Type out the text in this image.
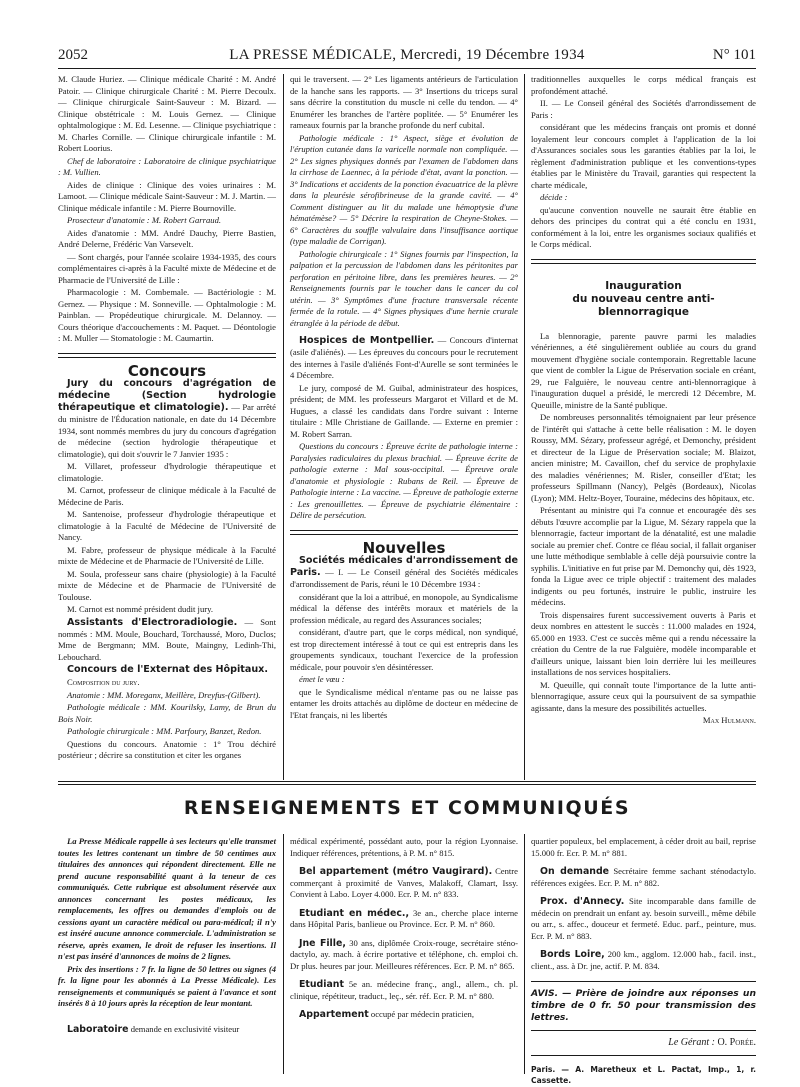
2052	LA PRESSE MÉDICALE, Mercredi, 19 Décembre 1934	N° 101

M. Claude Huriez. — Clinique médicale Charité : M. André Patoir. — Clinique chirurgicale Charité : M. Pierre Decoulx. — Clinique chirurgicale Saint-Sauveur : M. Bizard. — Clinique obstétricale : M. Louis Gernez. — Clinique ophtalmologique : M. Ed. Lesenne. — Clinique psychiatrique : M. Charles Cornille. — Clinique chirurgicale infantile : M. Robert Loorius.

Chef de laboratoire : Laboratoire de clinique psychiatrique : M. Vullien.

Aides de clinique : Clinique des voies urinaires : M. Lamoot. — Clinique médicale Saint-Sauveur : M. J. Martin. — Clinique médicale infantile : M. Pierre Bournoville.

Prosecteur d'anatomie : M. Robert Garraud.

Aides d'anatomie : MM. André Dauchy, Pierre Bastien, André Delerne, Frédéric Van Varsevelt.

— Sont chargés, pour l'année scolaire 1934-1935, des cours complémentaires ci-après à la Faculté mixte de Médecine et de Pharmacie de l'Université de Lille :

Pharmacologie : M. Combemale. — Bactériologie : M. Gernez. — Physique : M. Sonneville. — Ophtalmologie : M. Painblan. — Propédeutique chirurgicale. M. Delannoy. — Cours théorique d'accouchements : M. Paquet. — Déontologie : M. Muller — Stomatologie : M. Caumartin.

Concours

Jury du concours d'agrégation de médecine (Section hydrologie thérapeutique et climatologie). — Par arrêté du ministre de l'Éducation nationale, en date du 14 Décembre 1934, sont nommés membres du jury du concours d'agrégation de médecine (section hydrologie thérapeutique et climatologie), qui doit s'ouvrir le 7 Janvier 1935 :

M. Villaret, professeur d'hydrologie thérapeutique et climatologie.

M. Carnot, professeur de clinique médicale à la Faculté de Médecine de Paris.

M. Santenoise, professeur d'hydrologie thérapeutique et climatologie à la Faculté de Médecine de l'Université de Nancy.

M. Fabre, professeur de physique médicale à la Faculté mixte de Médecine et de Pharmacie de l'Université de Lille.

M. Soula, professeur sans chaire (physiologie) à la Faculté mixte de Médecine et de Pharmacie de l'Université de Toulouse.

M. Carnot est nommé président dudit jury.

Assistants d'Electroradiologie. — Sont nommés : MM. Moule, Bouchard, Torchaussé, Moro, Duclos; Mme de Bergmann; MM. Boute, Maingny, Ledinh-Thi, Lebouchard.

Concours de l'Externat des Hôpitaux.

Composition du jury.

Anatomie : MM. Moreganx, Meillère, Dreyfus-(Gilbert).

Pathologie médicale : MM. Kourilsky, Lamy, de Brun du Bois Noir.

Pathologie chirurgicale : MM. Parfoury, Banzet, Redon.

Questions du concours. Anatomie : 1° Trou déchiré postérieur ; décrire sa constitution et citer les organes

qui le traversent. — 2° Les ligaments antérieurs de l'articulation de la hanche sans les rapports. — 3° Insertions du triceps sural sans décrire la constitution du muscle ni celle du tendon. — 4° Enumérer les branches de l'artère poplitée. — 5° Enumérer les rameaux fournis par la branche profonde du nerf cubital.

Pathologie médicale : 1° Aspect, siège et évolution de l'éruption cutanée dans la varicelle normale non compliquée. — 2° Les signes physiques donnés par l'examen de l'abdomen dans la cirrhose de Laennec, à la période d'état, avant la ponction. — 3° Indications et accidents de la ponction évacuatrice de la plèvre dans la pleurésie sérofibrineuse de la grande cavité. — 4° Comment distinguer au lit du malade une hémoptysie d'une hématémèse? — 5° Décrire la respiration de Cheyne-Stokes. — 6° Caractères du souffle valvulaire dans l'insuffisance aortique (type maladie de Corrigan).

Pathologie chirurgicale : 1° Signes fournis par l'inspection, la palpation et la percussion de l'abdomen dans les péritonites par perforation en péritoine libre, dans les premières heures. — 2° Renseignements fournis par le toucher dans le cancer du col utérin. — 3° Symptômes d'une fracture transversale récente fermée de la rotule. — 4° Signes physiques d'une hernie crurale étranglée à la période de début.

Hospices de Montpellier. — Concours d'internat (asile d'aliénés). — Les épreuves du concours pour le recrutement des internes à l'asile d'aliénés Font-d'Aurelle se sont terminées le 4 Décembre.

Le jury, composé de M. Guibal, administrateur des hospices, président; de MM. les professeurs Margarot et Villard et de M. Hugues, a classé les candidats dans l'ordre suivant : Interne titulaire : Mlle Christiane de Gaillande. — Externe en premier : M. Robert Sarran.

Questions du concours : Épreuve écrite de pathologie interne : Paralysies radiculaires du plexus brachial. — Épreuve écrite de pathologie externe : Mal sous-occipital. — Épreuve orale d'anatomie et physiologie : Rubans de Reil. — Épreuve de Pathologie interne : La vaccine. — Épreuve de pathologie externe : Les grenouillettes. — Épreuve de psychiatrie élémentaire : Délire de persécution.

Nouvelles

Sociétés médicales d'arrondissement de Paris. — I. — Le Conseil général des Sociétés médicales d'arrondissement de Paris, réuni le 10 Décembre 1934 :

considérant que la loi a attribué, en monopole, au Syndicalisme médical la défense des intérêts moraux et matériels de la profession médicale, au regard des Assurances sociales;

considérant, d'autre part, que le corps médical, non syndiqué, est trop directement intéressé à tout ce qui est entrepris dans les groupements syndicaux, touchant l'exercice de la profession médicale, pour pouvoir s'en désintéresser.

émet le vœu :

que le Syndicalisme médical n'entame pas ou ne laisse pas entamer les droits attachés au diplôme de docteur en médecine de l'Etat français, ni les libertés

traditionnelles auxquelles le corps médical français est profondément attaché.

II. — Le Conseil général des Sociétés d'arrondissement de Paris :

considérant que les médecins français ont promis et donné loyalement leur concours complet à l'application de la loi d'Assurances sociales sous les garanties établies par la loi, le règlement d'administration publique et les conventions-types établies par le Ministère du Travail, garanties qui respectent la charte médicale,

décide :

qu'aucune convention nouvelle ne saurait être établie en dehors des principes du contrat qui a été conclu en 1931, conformément à la loi, entre les organismes sociaux qualifiés et le Corps médical.

Inauguration
du nouveau centre anti-blennorragique

La blennoragie, parente pauvre parmi les maladies vénériennes, a été singulièrement oubliée au cours du grand mouvement d'hygiène sociale contemporain. Regrettable lacune que vient de combler la Ligue de Préservation sociale en créant, 29, rue Falguière, le nouveau centre anti-blennorragique à l'inauguration duquel a présidé, le mercredi 12 Décembre, M. Queuille, ministre de la Santé publique.

De nombreuses personnalités témoignaient par leur présence de l'intérêt qui s'attache à cette belle réalisation : M. le doyen Roussy, MM. Sézary, professeur agrégé, et Demonchy, président et directeur de la Ligue de Préservation sociale; M. Blaizot, ancien ministre; M. Cavaillon, chef du service de prophylaxie des maladies vénériennes; M. Risler, conseiller d'Etat; les professeurs Spillmann (Nancy), Pelgès (Bordeaux), Nicolas (Lyon); MM. Heltz-Boyer, Touraine, médecins des hôpitaux, etc.

Présentant au ministre qui l'a connue et encouragée dès ses débuts l'œuvre accomplie par la Ligue, M. Sézary rappela que la blennorragie, facteur important de la dénatalité, est une maladie sociale au premier chef. Contre ce fléau social, il fallait organiser une lutte méthodique semblable à celle déjà poursuivie contre la syphilis. L'initiative en fut prise par M. Demonchy qui, dès 1923, fonda la Ligue avec ce triple objectif : traitement des malades indigents ou peu fortunés, instruire le public, instruire les médecins.

Trois dispensaires furent successivement ouverts à Paris et deux nombres en attestent le succès : 11.000 malades en 1924, 65.000 en 1933. C'est ce succès même qui a rendu nécessaire la création du Centre de la rue Falguière, modèle incomparable et d'ailleurs unique, laissant bien loin derrière lui les meilleures installations de nos services hospitaliers.

M. Queuille, qui connaît toute l'importance de la lutte anti-blennorragique, assure ceux qui la poursuivent de sa sympathie agissante, dans la mesure des possibilités actuelles.

Max Hulmann.

RENSEIGNEMENTS ET COMMUNIQUÉS

La Presse Médicale rappelle à ses lecteurs qu'elle transmet toutes les lettres contenant un timbre de 50 centimes aux titulaires des annonces qui répondent directement. Elle ne prend aucune responsabilité quant à la teneur de ces communiqués. Cette rubrique est absolument réservée aux annonces concernant les postes médicaux, les remplacements, les offres ou demandes d'emplois ou de cessions ayant un caractère médical ou para-médical; il n'y est inséré aucune annonce commerciale. L'administration se réserve, après examen, le droit de refuser les insertions. Il n'est pas inséré d'annonces de moins de 2 lignes.

Prix des insertions : 7 fr. la ligne de 50 lettres ou signes (4 fr. la ligne pour les abonnés à La Presse Médicale). Les renseignements et communiqués se paient à l'avance et sont insérés 8 à 10 jours après la réception de leur montant.

Laboratoire demande en exclusivité visiteur

médical expérimenté, possédant auto, pour la région Lyonnaise. Indiquer références, prétentions, à P. M. n° 815.

Bel appartement (métro Vaugirard). Centre commerçant à proximité de Vanves, Malakoff, Clamart, Issy. Convient à Labo. Loyer 4.000. Ecr. P. M. n° 833.

Etudiant en médec., 3e an., cherche place interne dans Hôpital Paris, banlieue ou Province. Ecr. P. M. n° 860.

Jne Fille, 30 ans, diplômée Croix-rouge, secrétaire sténo-dactylo, ay. mach. à écrire portative et téléphone, ch. emploi ch. Dr plus. heures par jour. Meilleures références. Ecr. P. M. n° 865.

Etudiant 5e an. médecine franç., angl., allem., ch. pl. clinique, répétiteur, traduct., leç., sér. réf. Ecr. P. M. n° 880.

Appartement occupé par médecin praticien,

quartier populeux, bel emplacement, à céder droit au bail, reprise 15.000 fr. Ecr. P. M. n° 881.

On demande Secrétaire femme sachant sténodactylo. références exigées. Ecr. P. M. n° 882.

Prox. d'Annecy. Site incomparable dans famille de médecin on prendrait un enfant ay. besoin surveill., même débile ou arr., s. affec., douceur et fermeté. Educ. parf., peinture, mus. Ecr. P. M. n° 883.

Bords Loire, 200 km., agglom. 12.000 hab., facil. inst., client., ass. à Dr. jne, actif. P. M. 834.

AVIS. — Prière de joindre aux réponses un timbre de 0 fr. 50 pour transmission des lettres.

Le Gérant : O. Porée.

Paris. — A. Maretheux et L. Pactat, Imp., 1, r. Cassette.
